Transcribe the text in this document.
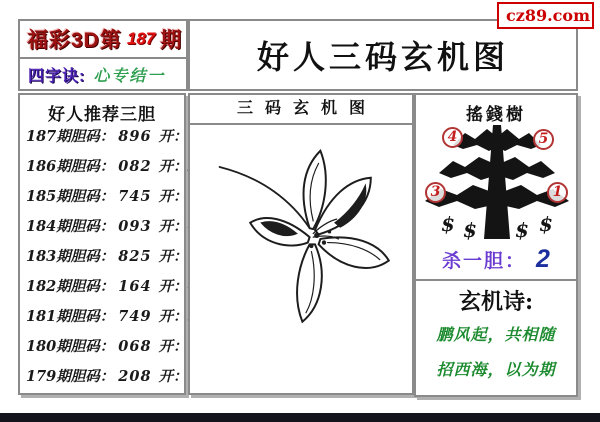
福彩3D第 187 期
四字诀: 心专结一	好人三码玄机图
cz89.com
好人推荐三胆
187期胆码： 896 开：
186期胆码： 082 开：
185期胆码： 745 开：
184期胆码： 093 开：
183期胆码： 825 开：
182期胆码： 164 开：
181期胆码： 749 开：
180期胆码： 068 开：
179期胆码： 208 开：
三码玄机图	搖錢樹
$ $ $ $
4	5
3	1
杀一胆： 2
玄机诗:
鹏风起，共相随
招西海，以为期
